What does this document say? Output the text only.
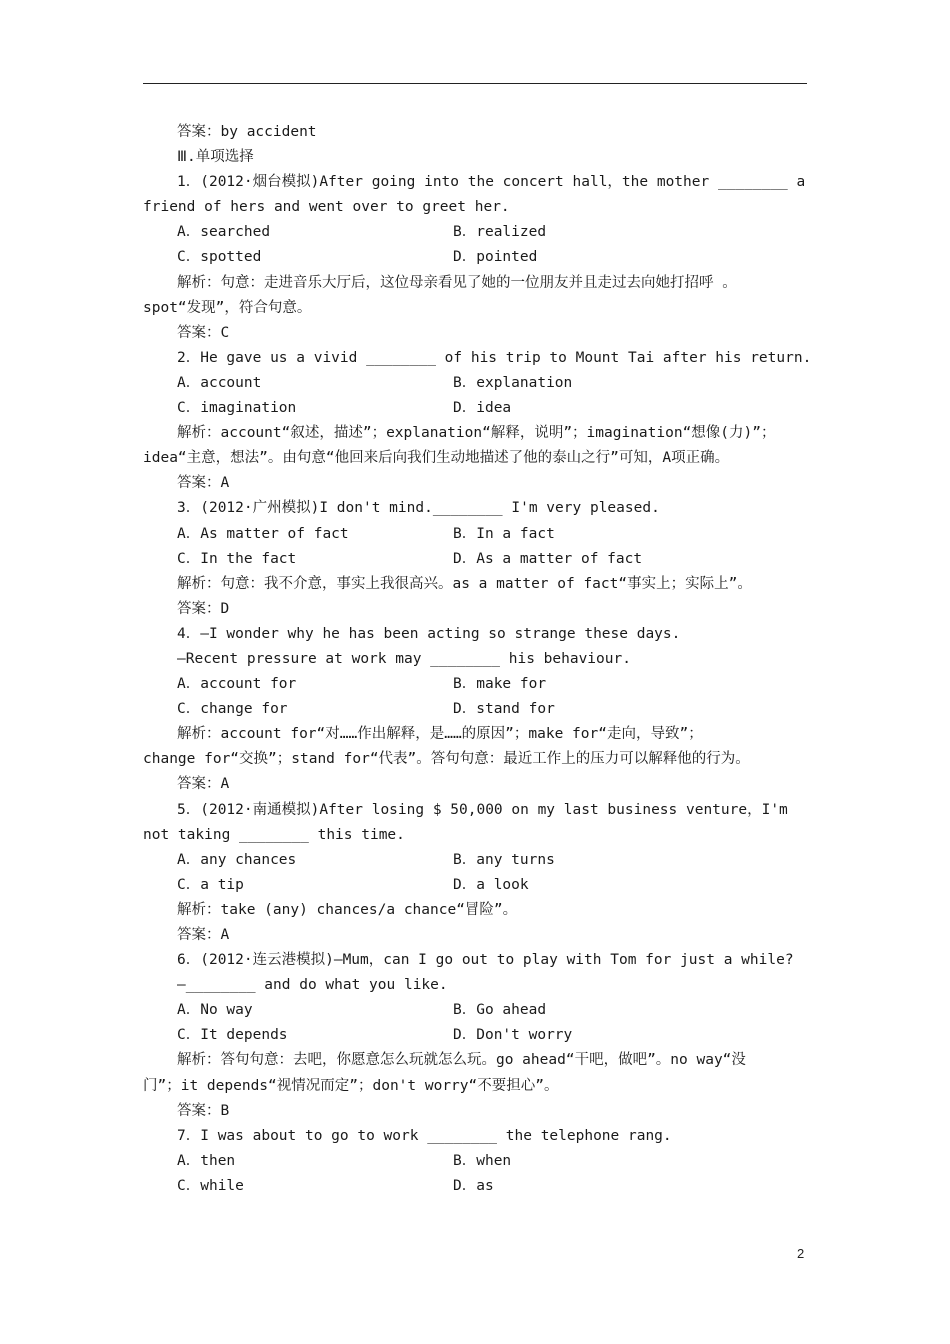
答案：by accident
Ⅲ.单项选择
1．(2012·烟台模拟)After going into the concert hall，the mother ________ a
friend of hers and went over to greet her.
A．searched	B．realized
C．spotted	D．pointed
解析：句意：走进音乐大厅后，这位母亲看见了她的一位朋友并且走过去向她打招呼 。
spot“发现”，符合句意。
答案：C
2．He gave us a vivid ________ of his trip to Mount Tai after his return.
A．account	B．explanation
C．imagination	D．idea
解析：account“叙述，描述”；explanation“解释，说明”；imagination“想像(力)”；
idea“主意，想法”。由句意“他回来后向我们生动地描述了他的泰山之行”可知，A项正确。
答案：A
3．(2012·广州模拟)I don't mind.________ I'm very pleased.
A．As matter of fact	B．In a fact
C．In the fact	D．As a matter of fact
解析：句意：我不介意，事实上我很高兴。as a matter of fact“事实上；实际上”。
答案：D
4．—I wonder why he has been acting so strange these days.
—Recent pressure at work may ________ his behaviour.
A．account for	B．make for
C．change for	D．stand for
解析：account for“对……作出解释，是……的原因”；make for“走向，导致”；
change for“交换”；stand for“代表”。答句句意：最近工作上的压力可以解释他的行为。
答案：A
5．(2012·南通模拟)After losing $ 50,000 on my last business venture，I'm
not taking ________ this time.
A．any chances	B．any turns
C．a tip	D．a look
解析：take (any) chances/a chance“冒险”。
答案：A
6．(2012·连云港模拟)—Mum，can I go out to play with Tom for just a while?
—________ and do what you like.
A．No way	B．Go ahead
C．It depends	D．Don't worry
解析：答句句意：去吧，你愿意怎么玩就怎么玩。go ahead“干吧，做吧”。no way“没
门”；it depends“视情况而定”；don't worry“不要担心”。
答案：B
7．I was about to go to work ________ the telephone rang.
A．then	B．when
C．while	D．as
2
